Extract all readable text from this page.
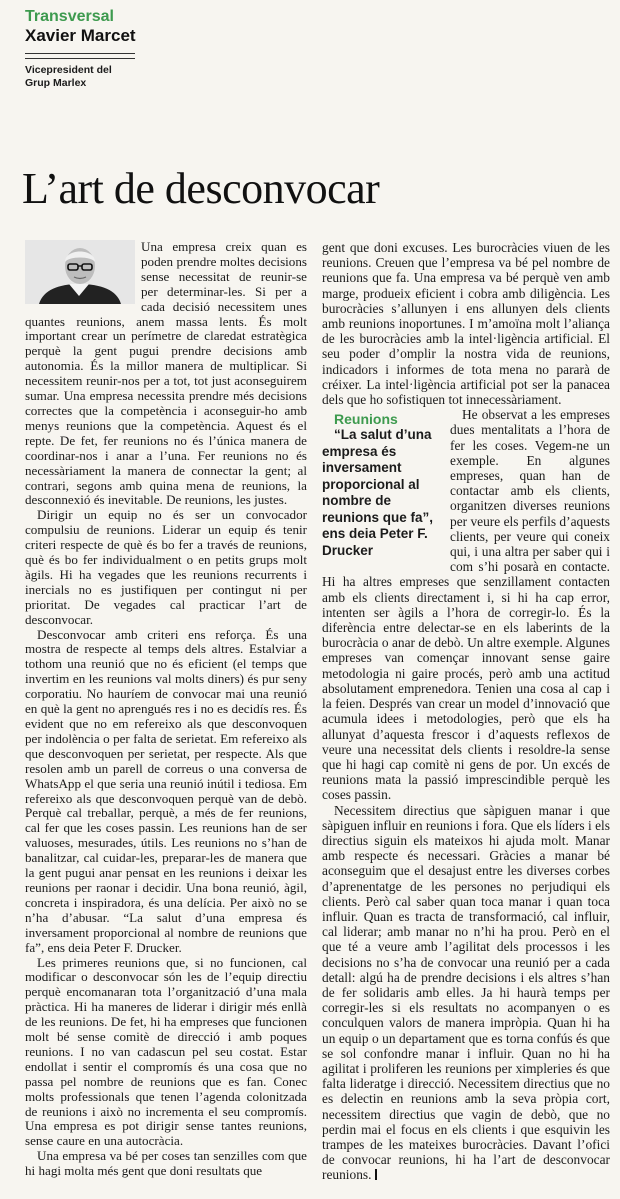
Transversal
Xavier Marcet
Vicepresident del
Grup Marlex
L’art de desconvocar

Una empresa creix quan es poden prendre moltes decisions sense necessitat de reunir-se per determinar-les. Si per a cada decisió necessitem unes quantes reunions, anem massa lents. És molt important crear un perímetre de claredat estratègica perquè la gent pugui prendre decisions amb autonomia. És la millor manera de multiplicar. Si necessitem reunir-nos per a tot, tot just aconseguirem sumar. Una empresa necessita prendre més decisions correctes que la competència i aconseguir-ho amb menys reunions que la competència. Aquest és el repte. De fet, fer reunions no és l’única manera de coordinar-nos i anar a l’una. Fer reunions no és necessàriament la manera de connectar la gent; al contrari, segons amb quina mena de reunions, la desconnexió és inevitable. De reunions, les justes.

Dirigir un equip no és ser un convocador compulsiu de reunions. Liderar un equip és tenir criteri respecte de què és bo fer a través de reunions, què és bo fer individualment o en petits grups molt àgils. Hi ha vegades que les reunions recurrents i inercials no es justifiquen per contingut ni per prioritat. De vegades cal practicar l’art de desconvocar.

Desconvocar amb criteri ens reforça. És una mostra de respecte al temps dels altres. Estalviar a tothom una reunió que no és eficient (el temps que invertim en les reunions val molts diners) és pur seny corporatiu. No hauríem de convocar mai una reunió en què la gent no aprengués res i no es decidís res. És evident que no em refereixo als que desconvoquen per indolència o per falta de serietat. Em refereixo als que desconvoquen per serietat, per respecte. Als que resolen amb un parell de correus o una conversa de WhatsApp el que seria una reunió inútil i tediosa. Em refereixo als que desconvoquen perquè van de debò. Perquè cal treballar, perquè, a més de fer reunions, cal fer que les coses passin. Les reunions han de ser valuoses, mesurades, útils. Les reunions no s’han de banalitzar, cal cuidar-les, preparar-les de manera que la gent pugui anar pensat en les reunions i deixar les reunions per raonar i decidir. Una bona reunió, àgil, concreta i inspiradora, és una delícia. Per això no se n’ha d’abusar. “La salut d’una empresa és inversament proporcional al nombre de reunions que fa”, ens deia Peter F. Drucker.

Les primeres reunions que, si no funcionen, cal modificar o desconvocar són les de l’equip directiu perquè encomanaran tota l’organització d’una mala pràctica. Hi ha maneres de liderar i dirigir més enllà de les reunions. De fet, hi ha empreses que funcionen molt bé sense comitè de direcció i amb poques reunions. I no van cadascun pel seu costat. Estar endollat i sentir el compromís és una cosa que no passa pel nombre de reunions que es fan. Conec molts professionals que tenen l’agenda colonitzada de reunions i això no incrementa el seu compromís. Una empresa es pot dirigir sense tantes reunions, sense caure en una autocràcia.

Una empresa va bé per coses tan senzilles com que hi hagi molta més gent que doni resultats que

gent que doni excuses. Les burocràcies viuen de les reunions. Creuen que l’empresa va bé pel nombre de reunions que fa. Una empresa va bé perquè ven amb marge, produeix eficient i cobra amb diligència. Les burocràcies s’allunyen i ens allunyen dels clients amb reunions inoportunes. I m’amoïna molt l’aliança de les burocràcies amb la intel·ligència artificial. El seu poder d’omplir la nostra vida de reunions, indicadors i informes de tota mena no pararà de créixer. La intel·ligència artificial pot ser la panacea dels que ho sofistiquen tot innecessàriament.

Reunions
“La salut d’una empresa és inversament proporcional al nombre de reunions que fa”, ens deia Peter F. Drucker
He observat a les empreses dues mentalitats a l’hora de fer les coses. Vegem-ne un exemple. En algunes empreses, quan han de contactar amb els clients, organitzen diverses reunions per veure els perfils d’aquests clients, per veure qui coneix qui, i una altra per saber qui i com s’hi posarà en contacte. Hi ha altres empreses que senzillament contacten amb els clients directament i, si hi ha cap error, intenten ser àgils a l’hora de corregir-lo. És la diferència entre delectar-se en els laberints de la burocràcia o anar de debò. Un altre exemple. Algunes empreses van començar innovant sense gaire metodologia ni gaire procés, però amb una actitud absolutament emprenedora. Tenien una cosa al cap i la feien. Després van crear un model d’innovació que acumula idees i metodologies, però que els ha allunyat d’aquesta frescor i d’aquests reflexos de veure una necessitat dels clients i resoldre-la sense que hi hagi cap comitè ni gens de por. Un excés de reunions mata la passió imprescindible perquè les coses passin.

Necessitem directius que sàpiguen manar i que sàpiguen influir en reunions i fora. Que els líders i els directius siguin els mateixos hi ajuda molt. Manar amb respecte és necessari. Gràcies a manar bé aconseguim que el desajust entre les diverses corbes d’aprenentatge de les persones no perjudiqui els clients. Però cal saber quan toca manar i quan toca influir. Quan es tracta de transformació, cal influir, cal liderar; amb manar no n’hi ha prou. Però en el que té a veure amb l’agilitat dels processos i les decisions no s’ha de convocar una reunió per a cada detall: algú ha de prendre decisions i els altres s’han de fer solidaris amb elles. Ja hi haurà temps per corregir-les si els resultats no acompanyen o es conculquen valors de manera impròpia. Quan hi ha un equip o un departament que es torna confús és que se sol confondre manar i influir. Quan no hi ha agilitat i proliferen les reunions per ximpleries és que falta lideratge i direcció. Necessitem directius que no es delectin en reunions amb la seva pròpia cort, necessitem directius que vagin de debò, que no perdin mai el focus en els clients i que esquivin les trampes de les mateixes burocràcies. Davant l’ofici de convocar reunions, hi ha l’art de desconvocar reunions.
